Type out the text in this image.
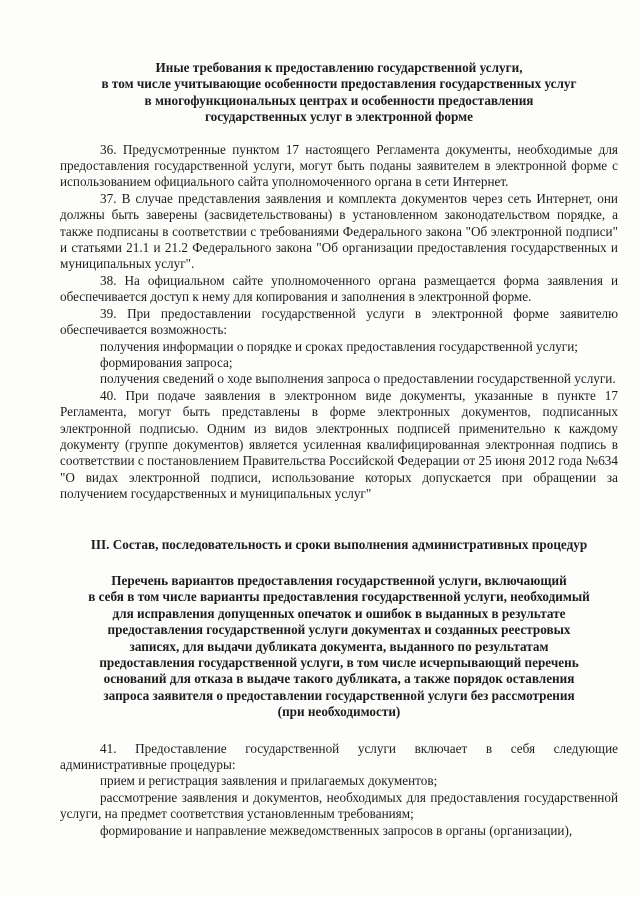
Иные требования к предоставлению государственной услуги,
в том числе учитывающие особенности предоставления государственных услуг
в многофункциональных центрах и особенности предоставления
государственных услуг в электронной форме

36. Предусмотренные пунктом 17 настоящего Регламента документы, необходимые для предоставления государственной услуги, могут быть поданы заявителем в электронной форме с использованием официального сайта уполномоченного органа в сети Интернет.

37. В случае представления заявления и комплекта документов через сеть Интернет, они должны быть заверены (засвидетельствованы) в установленном законодательством порядке, а также подписаны в соответствии с требованиями Федерального закона "Об электронной подписи" и статьями 21.1 и 21.2 Федерального закона "Об организации предоставления государственных и муниципальных услуг".

38. На официальном сайте уполномоченного органа размещается форма заявления и обеспечивается доступ к нему для копирования и заполнения в электронной форме.

39. При предоставлении государственной услуги в электронной форме заявителю обеспечивается возможность:

получения информации о порядке и сроках предоставления государственной услуги;

формирования запроса;

получения сведений о ходе выполнения запроса о предоставлении государственной услуги.

40. При подаче заявления в электронном виде документы, указанные в пункте 17 Регламента, могут быть представлены в форме электронных документов, подписанных электронной подписью. Одним из видов электронных подписей применительно к каждому документу (группе документов) является усиленная квалифицированная электронная подпись в соответствии с постановлением Правительства Российской Федерации от 25 июня 2012 года №634 "О видах электронной подписи, использование которых допускается при обращении за получением государственных и муниципальных услуг"

III. Состав, последовательность и сроки выполнения административных процедур
Перечень вариантов предоставления государственной услуги, включающий
в себя в том числе варианты предоставления государственной услуги, необходимый
для исправления допущенных опечаток и ошибок в выданных в результате
предоставления государственной услуги документах и созданных реестровых
записях, для выдачи дубликата документа, выданного по результатам
предоставления государственной услуги, в том числе исчерпывающий перечень
оснований для отказа в выдаче такого дубликата, а также порядок оставления
запроса заявителя о предоставлении государственной услуги без рассмотрения
(при необходимости)

41. Предоставление государственной услуги включает в себя следующие административные процедуры:

прием и регистрация заявления и прилагаемых документов;

рассмотрение заявления и документов, необходимых для предоставления государственной услуги, на предмет соответствия установленным требованиям;

формирование и направление межведомственных запросов в органы (организации),
